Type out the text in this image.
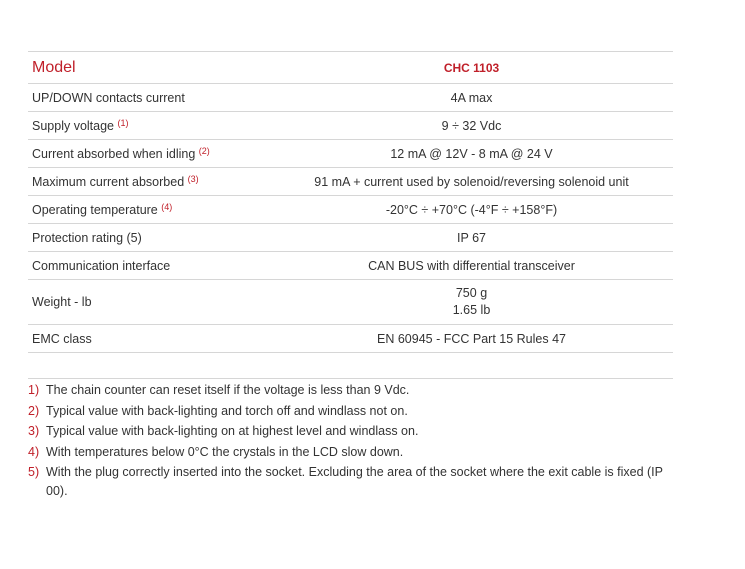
Model	CHC 1103
UP/DOWN contacts current	4A max
Supply voltage $^{(1)}$	9 ÷ 32 Vdc
Current absorbed when idling $^{(2)}$	12 mA @ 12V - 8 mA @ 24 V
Maximum current absorbed $^{(3)}$	91 mA + current used by solenoid/reversing solenoid unit
Operating temperature $^{(4)}$	-20°C ÷ +70°C (-4°F ÷ +158°F)
Protection rating (5)	IP 67
Communication interface	CAN BUS with differential transceiver
Weight - lb	750 g
1.65 lb

EMC class	EN 60945 - FCC Part 15 Rules 47
1) The chain counter can reset itself if the voltage is less than 9 Vdc.
2) Typical value with back-lighting and torch off and windlass not on.
3) Typical value with back-lighting on at highest level and windlass on.
4) With temperatures below 0°C the crystals in the LCD slow down.
5) With the plug correctly inserted into the socket. Excluding the area of the socket where the exit cable is fixed (IP 00).
